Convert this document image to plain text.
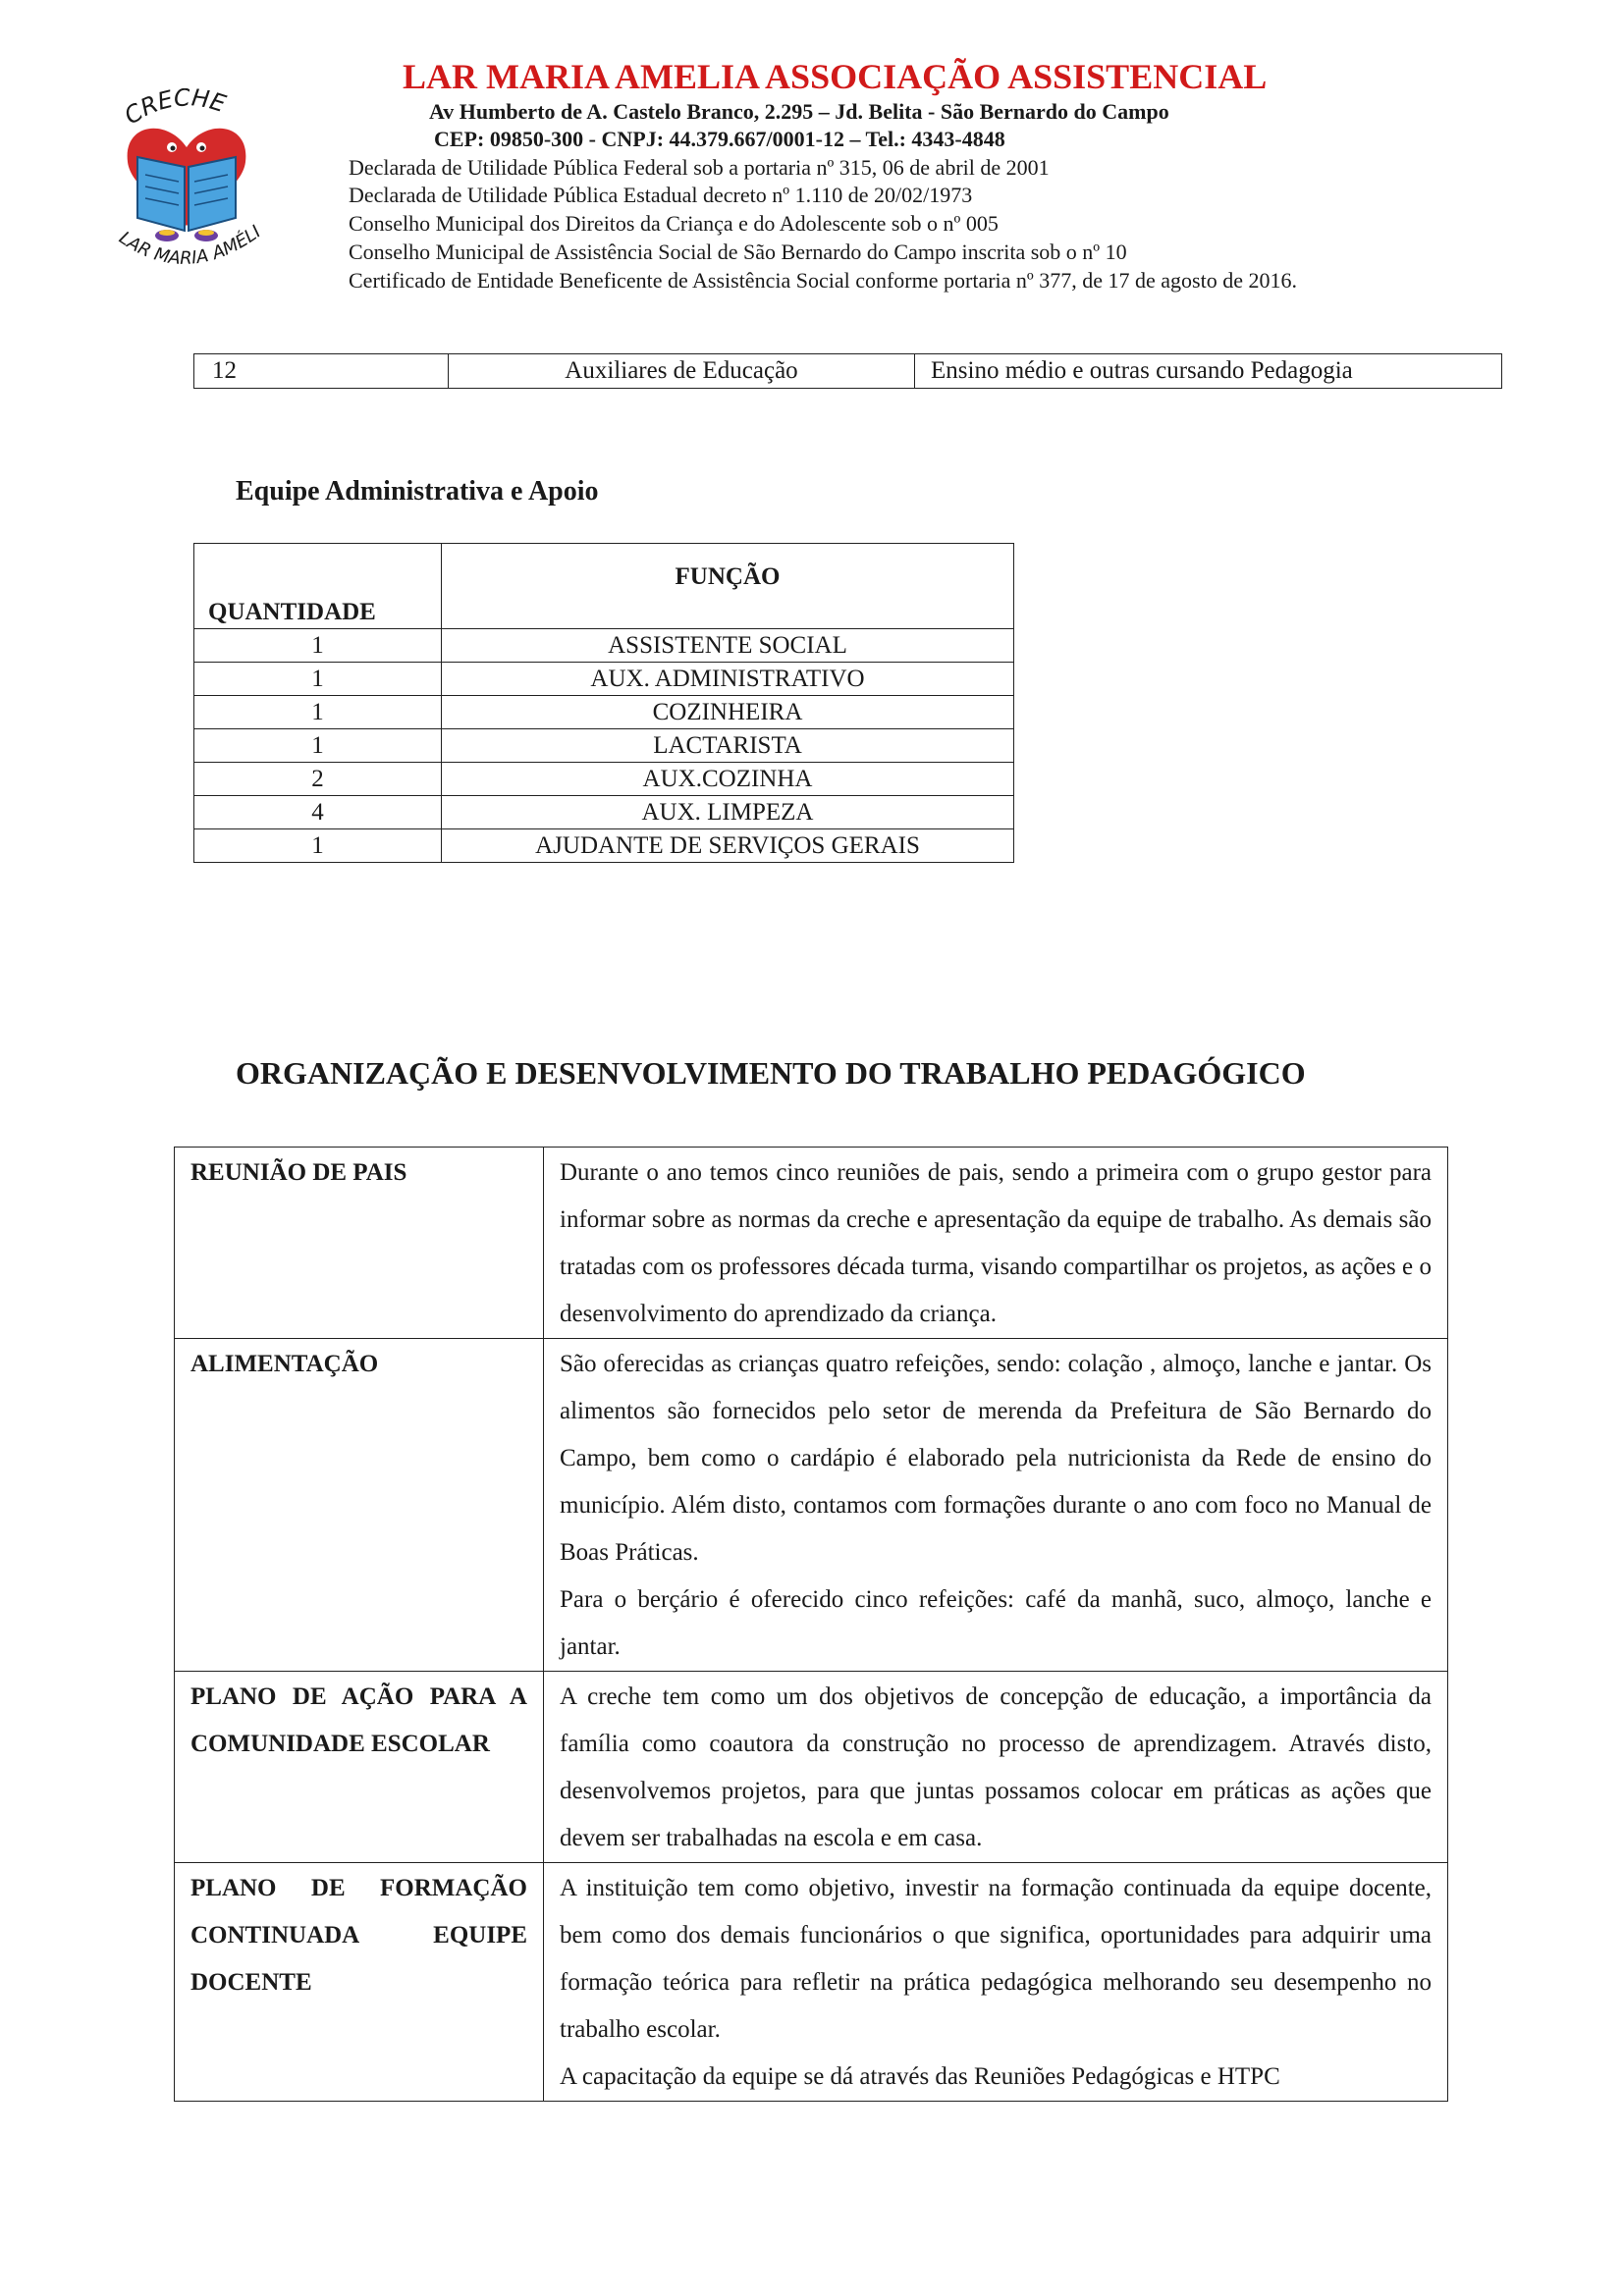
CRECHE
LAR MARIA AMÉLI
LAR MARIA AMELIA ASSOCIAÇÃO ASSISTENCIAL
Av Humberto de A. Castelo Branco, 2.295 – Jd. Belita - São Bernardo do Campo
CEP: 09850-300 - CNPJ: 44.379.667/0001-12 – Tel.: 4343-4848
Declarada de Utilidade Pública Federal sob a portaria nº 315, 06 de abril de 2001
Declarada de Utilidade Pública Estadual decreto nº 1.110 de 20/02/1973
Conselho Municipal dos Direitos da Criança e do Adolescente sob o nº 005
Conselho Municipal de Assistência Social de São Bernardo do Campo inscrita sob o nº 10
Certificado de Entidade Beneficente de Assistência Social conforme portaria nº 377, de 17 de agosto de 2016.
12	Auxiliares de Educação	Ensino médio e outras cursando Pedagogia
Equipe Administrativa e Apoio
QUANTIDADE	FUNÇÃO
1	ASSISTENTE SOCIAL
1	AUX. ADMINISTRATIVO
1	COZINHEIRA
1	LACTARISTA
2	AUX.COZINHA
4	AUX. LIMPEZA
1	AJUDANTE DE SERVIÇOS GERAIS
ORGANIZAÇÃO E DESENVOLVIMENTO DO TRABALHO PEDAGÓGICO
REUNIÃO DE PAIS	Durante o ano temos cinco reuniões de pais, sendo a primeira com o grupo gestor para informar sobre as normas da creche e apresentação da equipe de trabalho. As demais são tratadas com os professores década turma, visando compartilhar os projetos, as ações e o desenvolvimento do aprendizado da criança.

ALIMENTAÇÃO	São oferecidas as crianças quatro refeições, sendo: colação , almoço, lanche e jantar. Os alimentos são fornecidos pelo setor de merenda da Prefeitura de São Bernardo do Campo, bem como o cardápio é elaborado pela nutricionista da Rede de ensino do município. Além disto, contamos com formações durante o ano com foco no Manual de Boas Práticas.

Para o berçário é oferecido cinco refeições: café da manhã, suco, almoço, lanche e jantar.

PLANO DE AÇÃO PARA A COMUNIDADE ESCOLAR	A creche tem como um dos objetivos de concepção de educação, a importância da família como coautora da construção no processo de aprendizagem. Através disto, desenvolvemos projetos, para que juntas possamos colocar em práticas as ações que devem ser trabalhadas na escola e em casa.

PLANO DE FORMAÇÃO CONTINUADA EQUIPE DOCENTE	A instituição tem como objetivo, investir na formação continuada da equipe docente, bem como dos demais funcionários o que significa, oportunidades para adquirir uma formação teórica para refletir na prática pedagógica melhorando seu desempenho no trabalho escolar.

A capacitação da equipe se dá através das Reuniões Pedagógicas e HTPC
